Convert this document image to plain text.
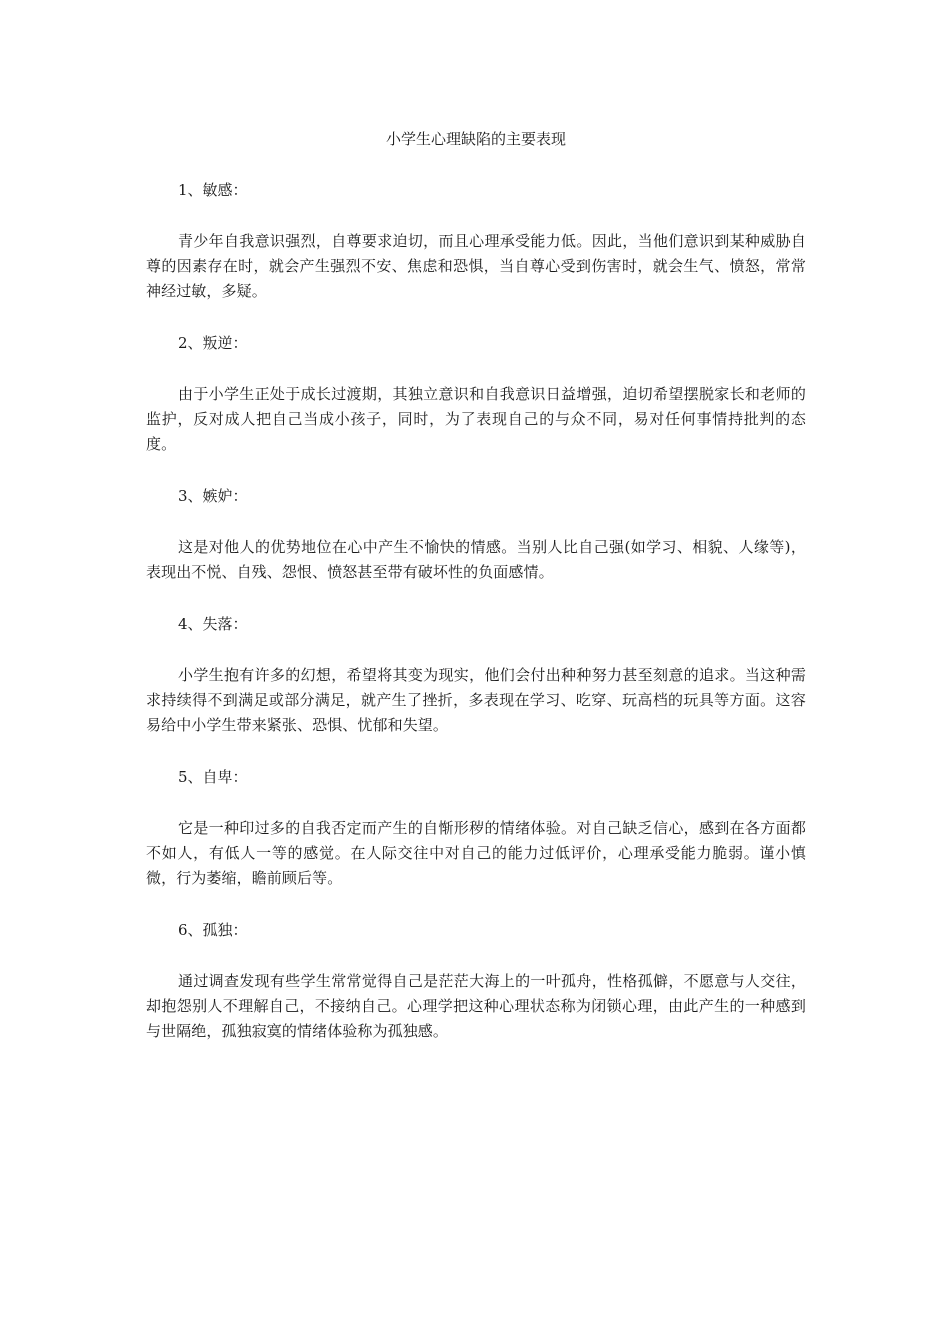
小学生心理缺陷的主要表现

1、敏感：

青少年自我意识强烈，自尊要求迫切，而且心理承受能力低。因此，当他们意识到某种威胁自尊的因素存在时，就会产生强烈不安、焦虑和恐惧，当自尊心受到伤害时，就会生气、愤怒，常常神经过敏，多疑。

2、叛逆：

由于小学生正处于成长过渡期，其独立意识和自我意识日益增强，迫切希望摆脱家长和老师的监护，反对成人把自己当成小孩子，同时，为了表现自己的与众不同，易对任何事情持批判的态度。

3、嫉妒：

这是对他人的优势地位在心中产生不愉快的情感。当别人比自己强(如学习、相貌、人缘等)，表现出不悦、自残、怨恨、愤怒甚至带有破坏性的负面感情。

4、失落：

小学生抱有许多的幻想，希望将其变为现实，他们会付出种种努力甚至刻意的追求。当这种需求持续得不到满足或部分满足，就产生了挫折，多表现在学习、吃穿、玩高档的玩具等方面。这容易给中小学生带来紧张、恐惧、忧郁和失望。

5、自卑：

它是一种印过多的自我否定而产生的自惭形秽的情绪体验。对自己缺乏信心，感到在各方面都不如人，有低人一等的感觉。在人际交往中对自己的能力过低评价，心理承受能力脆弱。谨小慎微，行为萎缩，瞻前顾后等。

6、孤独：

通过调查发现有些学生常常觉得自己是茫茫大海上的一叶孤舟，性格孤僻，不愿意与人交往，却抱怨别人不理解自己，不接纳自己。心理学把这种心理状态称为闭锁心理，由此产生的一种感到与世隔绝，孤独寂寞的情绪体验称为孤独感。
